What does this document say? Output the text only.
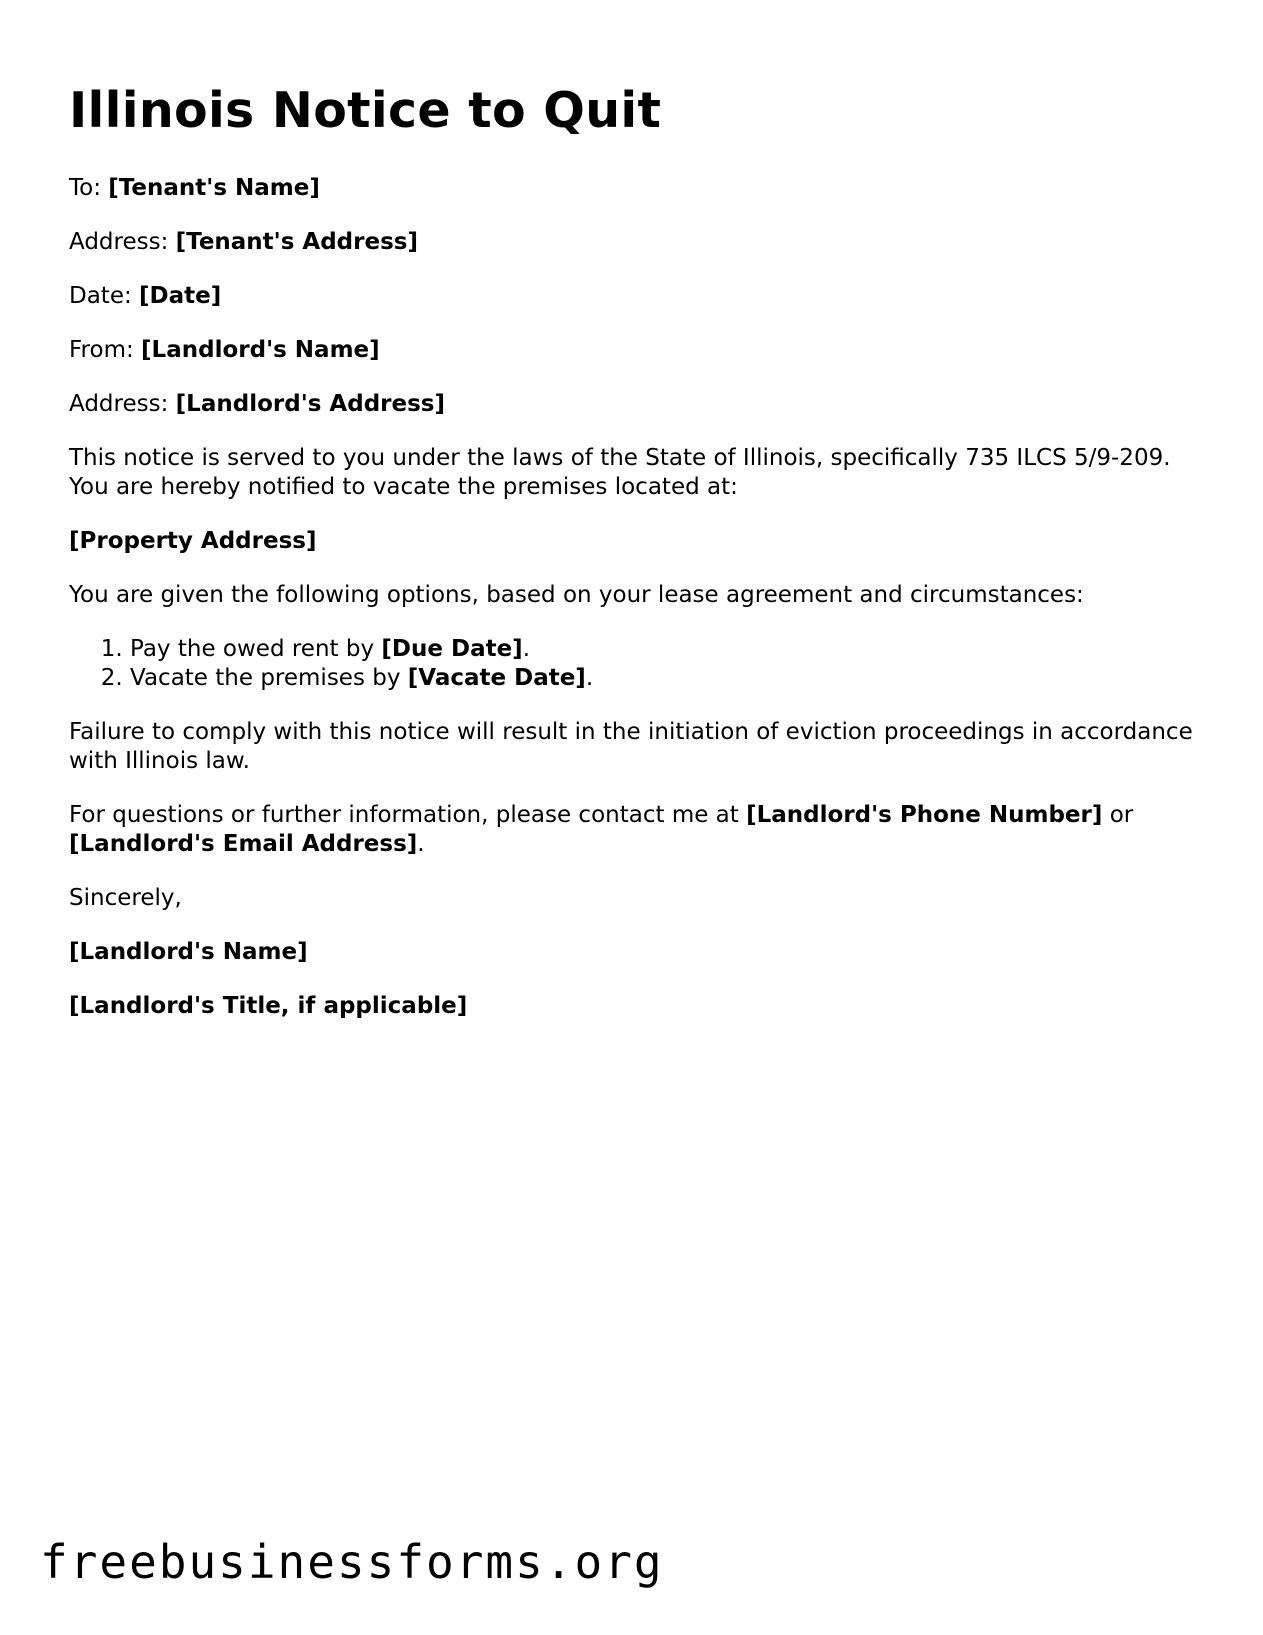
Illinois Notice to Quit

To: [Tenant's Name]

Address: [Tenant's Address]

Date: [Date]

From: [Landlord's Name]

Address: [Landlord's Address]

This notice is served to you under the laws of the State of Illinois, specifically 735 ILCS 5/9-209. You are hereby notified to vacate the premises located at:

[Property Address]

You are given the following options, based on your lease agreement and circumstances:

1. Pay the owed rent by [Due Date].
2. Vacate the premises by [Vacate Date].

Failure to comply with this notice will result in the initiation of eviction proceedings in accordance with Illinois law.

For questions or further information, please contact me at [Landlord's Phone Number] or [Landlord's Email Address].

Sincerely,

[Landlord's Name]

[Landlord's Title, if applicable]

freebusinessforms.org
